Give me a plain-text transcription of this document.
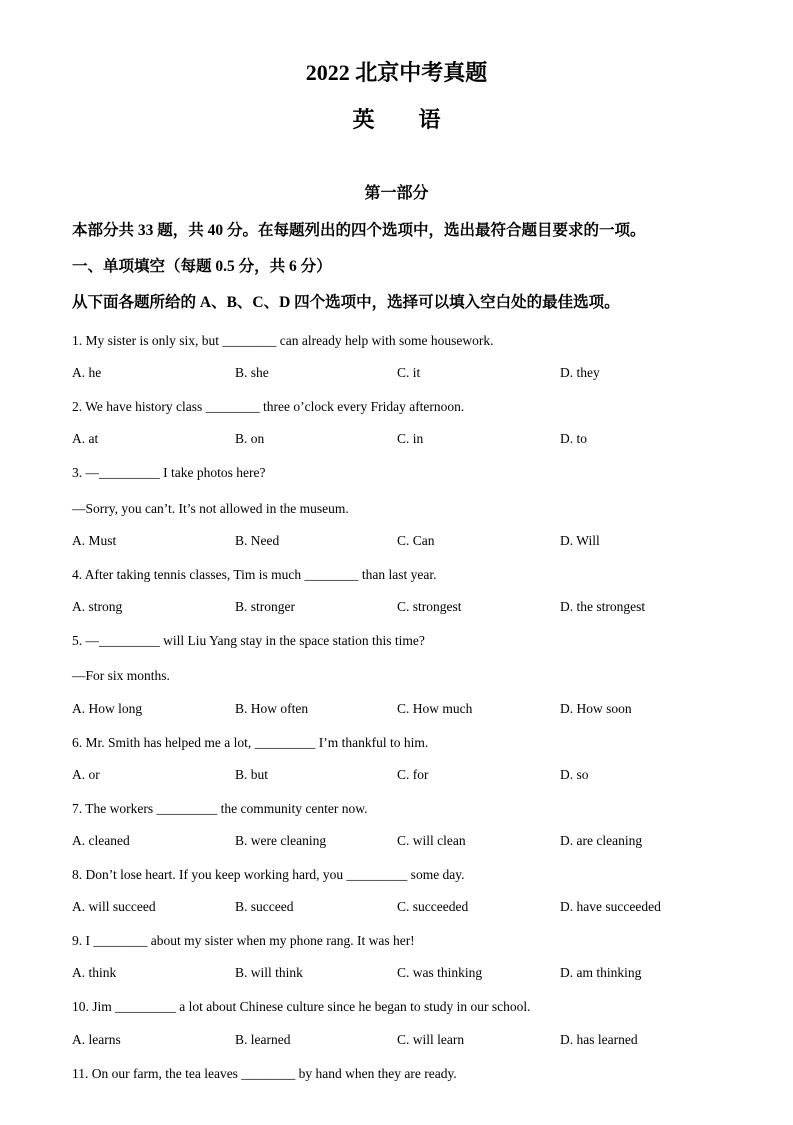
2022 北京中考真题
英        语
第一部分

本部分共 33 题，共 40 分。在每题列出的四个选项中，选出最符合题目要求的一项。

一、单项填空（每题 0.5 分，共 6 分）

从下面各题所给的 A、B、C、D 四个选项中，选择可以填入空白处的最佳选项。

1. My sister is only six, but ________ can already help with some housework.

A. he	B. she	C. it	D. they

2. We have history class ________ three o’clock every Friday afternoon.

A. at	B. on	C. in	D. to

3. —_________ I take photos here?

—Sorry, you can’t. It’s not allowed in the museum.

A. Must	B. Need	C. Can	D. Will

4. After taking tennis classes, Tim is much ________ than last year.

A. strong	B. stronger	C. strongest	D. the strongest

5. —_________ will Liu Yang stay in the space station this time?

—For six months.

A. How long	B. How often	C. How much	D. How soon

6. Mr. Smith has helped me a lot, _________ I’m thankful to him.

A. or	B. but	C. for	D. so

7. The workers _________ the community center now.

A. cleaned	B. were cleaning	C. will clean	D. are cleaning

8. Don’t lose heart. If you keep working hard, you _________ some day.

A. will succeed	B. succeed	C. succeeded	D. have succeeded

9. I ________ about my sister when my phone rang. It was her!

A. think	B. will think	C. was thinking	D. am thinking

10. Jim _________ a lot about Chinese culture since he began to study in our school.

A. learns	B. learned	C. will learn	D. has learned

11. On our farm, the tea leaves ________ by hand when they are ready.
